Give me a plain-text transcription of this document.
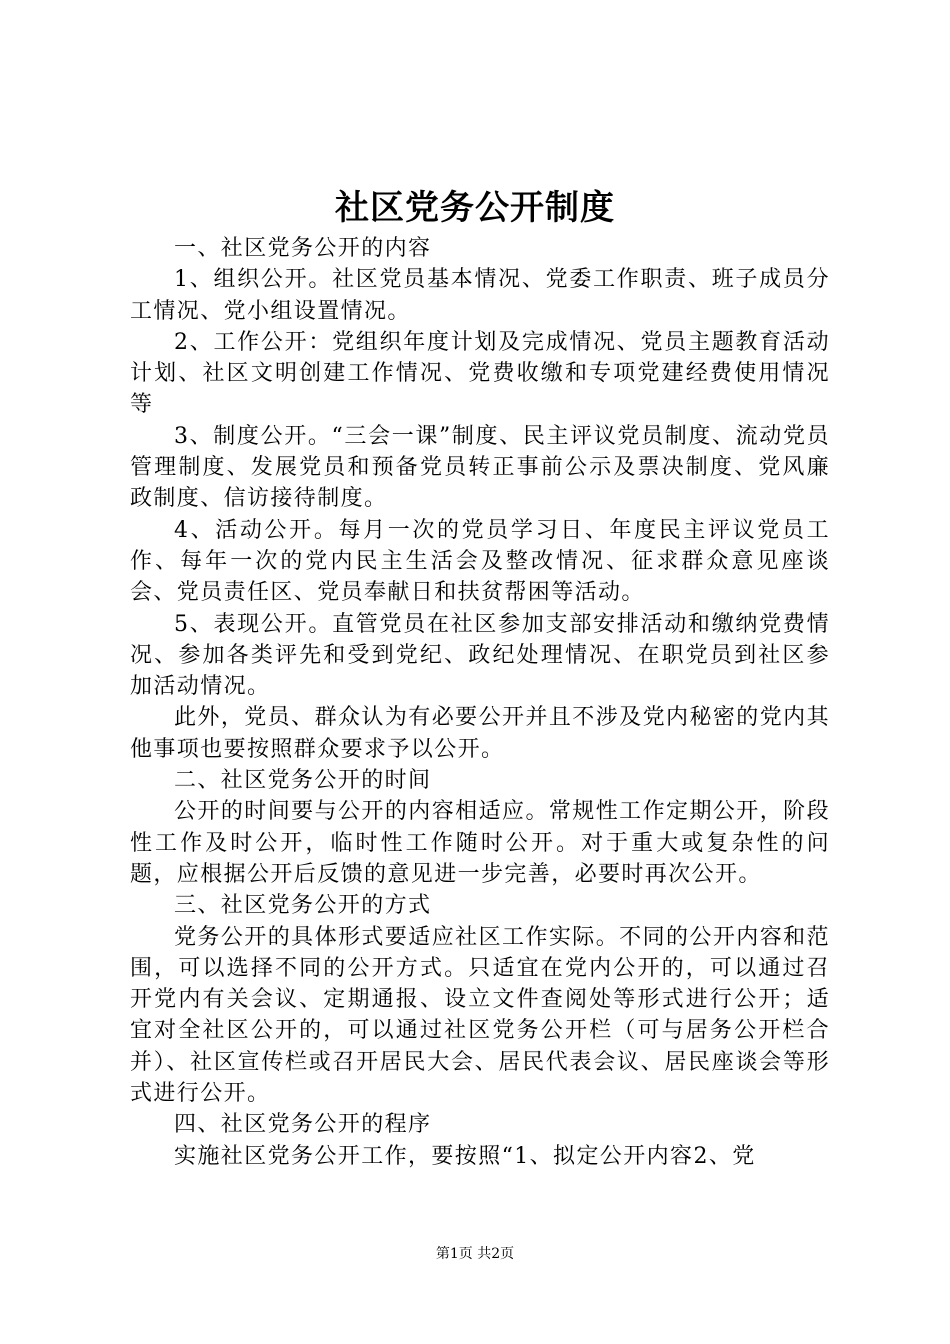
社区党务公开制度

一、社区党务公开的内容

1、组织公开。社区党员基本情况、党委工作职责、班子成员分工情况、党小组设置情况。

2、工作公开：党组织年度计划及完成情况、党员主题教育活动计划、社区文明创建工作情况、党费收缴和专项党建经费使用情况等

3、制度公开。“三会一课”制度、民主评议党员制度、流动党员管理制度、发展党员和预备党员转正事前公示及票决制度、党风廉政制度、信访接待制度。

4、活动公开。每月一次的党员学习日、年度民主评议党员工作、每年一次的党内民主生活会及整改情况、征求群众意见座谈会、党员责任区、党员奉献日和扶贫帮困等活动。

5、表现公开。直管党员在社区参加支部安排活动和缴纳党费情况、参加各类评先和受到党纪、政纪处理情况、在职党员到社区参加活动情况。

此外，党员、群众认为有必要公开并且不涉及党内秘密的党内其他事项也要按照群众要求予以公开。

二、社区党务公开的时间

公开的时间要与公开的内容相适应。常规性工作定期公开，阶段性工作及时公开，临时性工作随时公开。对于重大或复杂性的问题，应根据公开后反馈的意见进一步完善，必要时再次公开。

三、社区党务公开的方式

党务公开的具体形式要适应社区工作实际。不同的公开内容和范围，可以选择不同的公开方式。只适宜在党内公开的，可以通过召开党内有关会议、定期通报、设立文件查阅处等形式进行公开；适宜对全社区公开的，可以通过社区党务公开栏（可与居务公开栏合并）、社区宣传栏或召开居民大会、居民代表会议、居民座谈会等形式进行公开。

四、社区党务公开的程序

实施社区党务公开工作，要按照“1、拟定公开内容2、党

第1页 共2页
